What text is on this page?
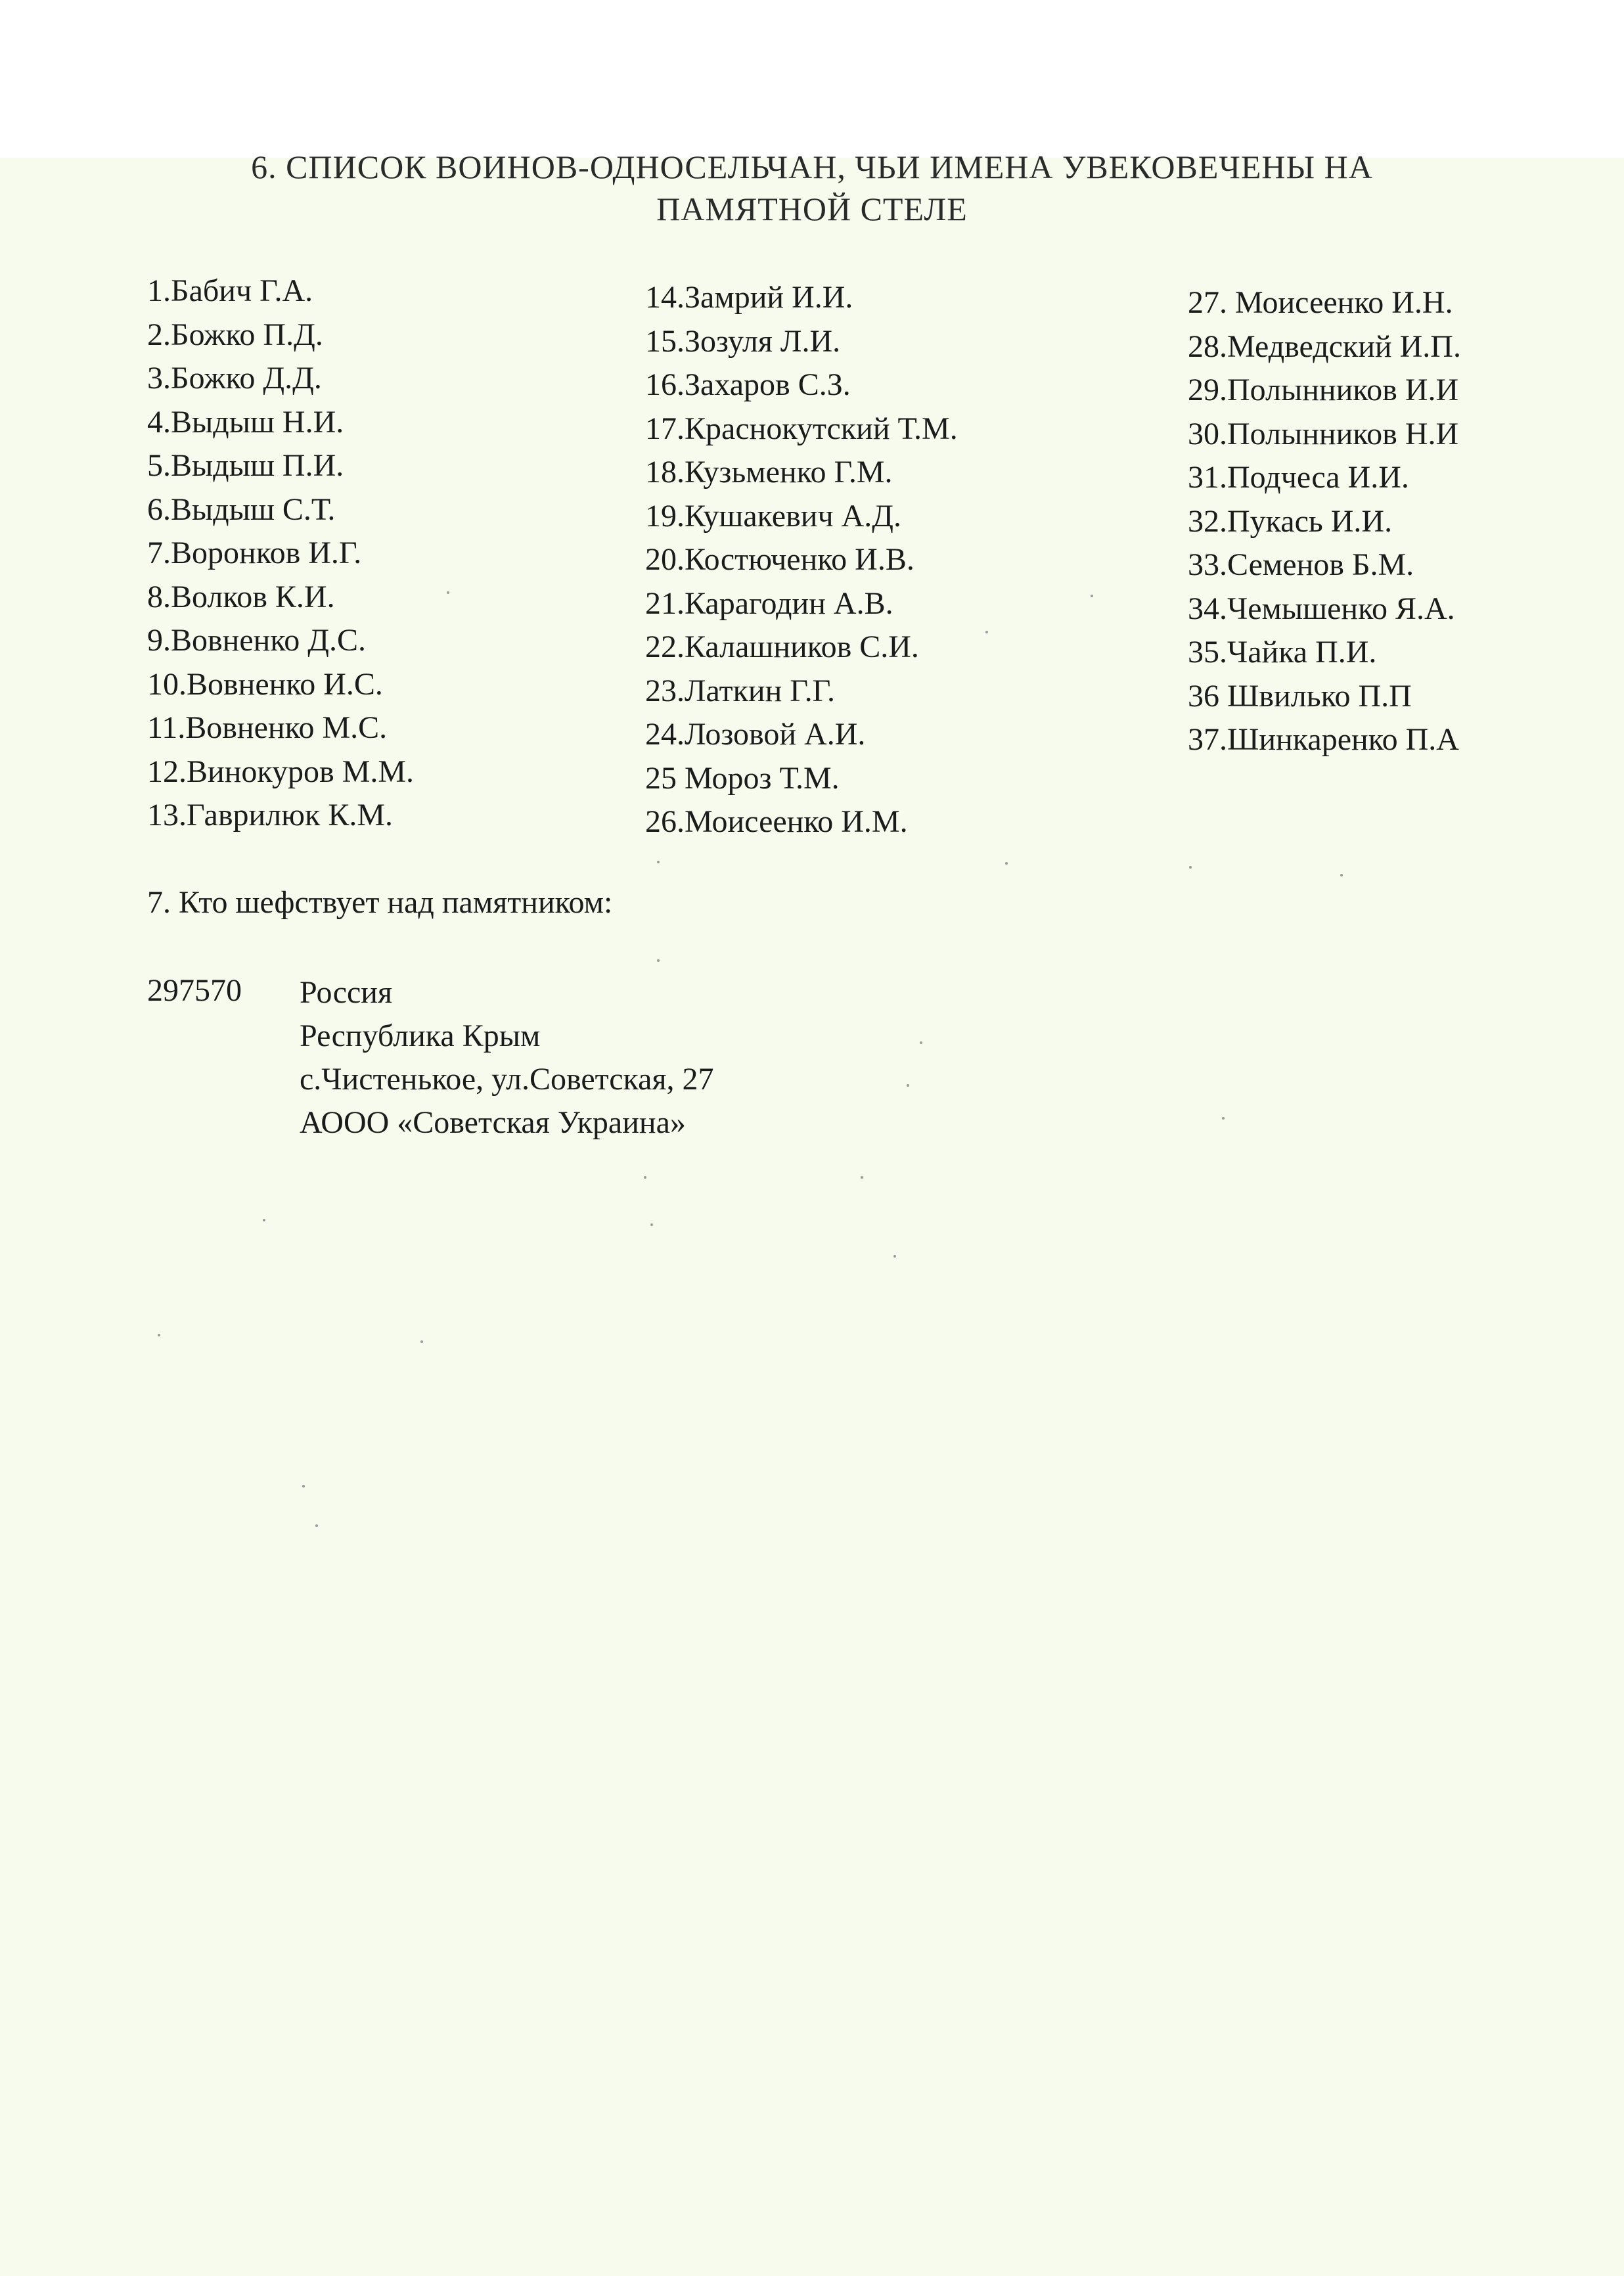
6. СПИСОК ВОИНОВ-ОДНОСЕЛЬЧАН, ЧЬИ ИМЕНА УВЕКОВЕЧЕНЫ НА
ПАМЯТНОЙ СТЕЛЕ
1.Бабич Г.А.
2.Божко П.Д.
3.Божко Д.Д.
4.Выдыш Н.И.
5.Выдыш П.И.
6.Выдыш С.Т.
7.Воронков И.Г.
8.Волков К.И.
9.Вовненко Д.С.
10.Вовненко И.С.
11.Вовненко М.С.
12.Винокуров М.М.
13.Гаврилюк К.М.
14.Замрий И.И.
15.Зозуля Л.И.
16.Захаров С.З.
17.Краснокутский Т.М.
18.Кузьменко Г.М.
19.Кушакевич А.Д.
20.Костюченко И.В.
21.Карагодин А.В.
22.Калашников С.И.
23.Латкин Г.Г.
24.Лозовой А.И.
25 Мороз Т.М.
26.Моисеенко И.М.
27. Моисеенко И.Н.
28.Медведский И.П.
29.Полынников И.И
30.Полынников Н.И
31.Подчеса И.И.
32.Пукась И.И.
33.Семенов Б.М.
34.Чемышенко Я.А.
35.Чайка П.И.
36 Швилько П.П
37.Шинкаренко П.А
7. Кто шефствует над памятником:
297570 Россия
Республика Крым
с.Чистенькое, ул.Советская, 27
АООО «Советская Украина»
